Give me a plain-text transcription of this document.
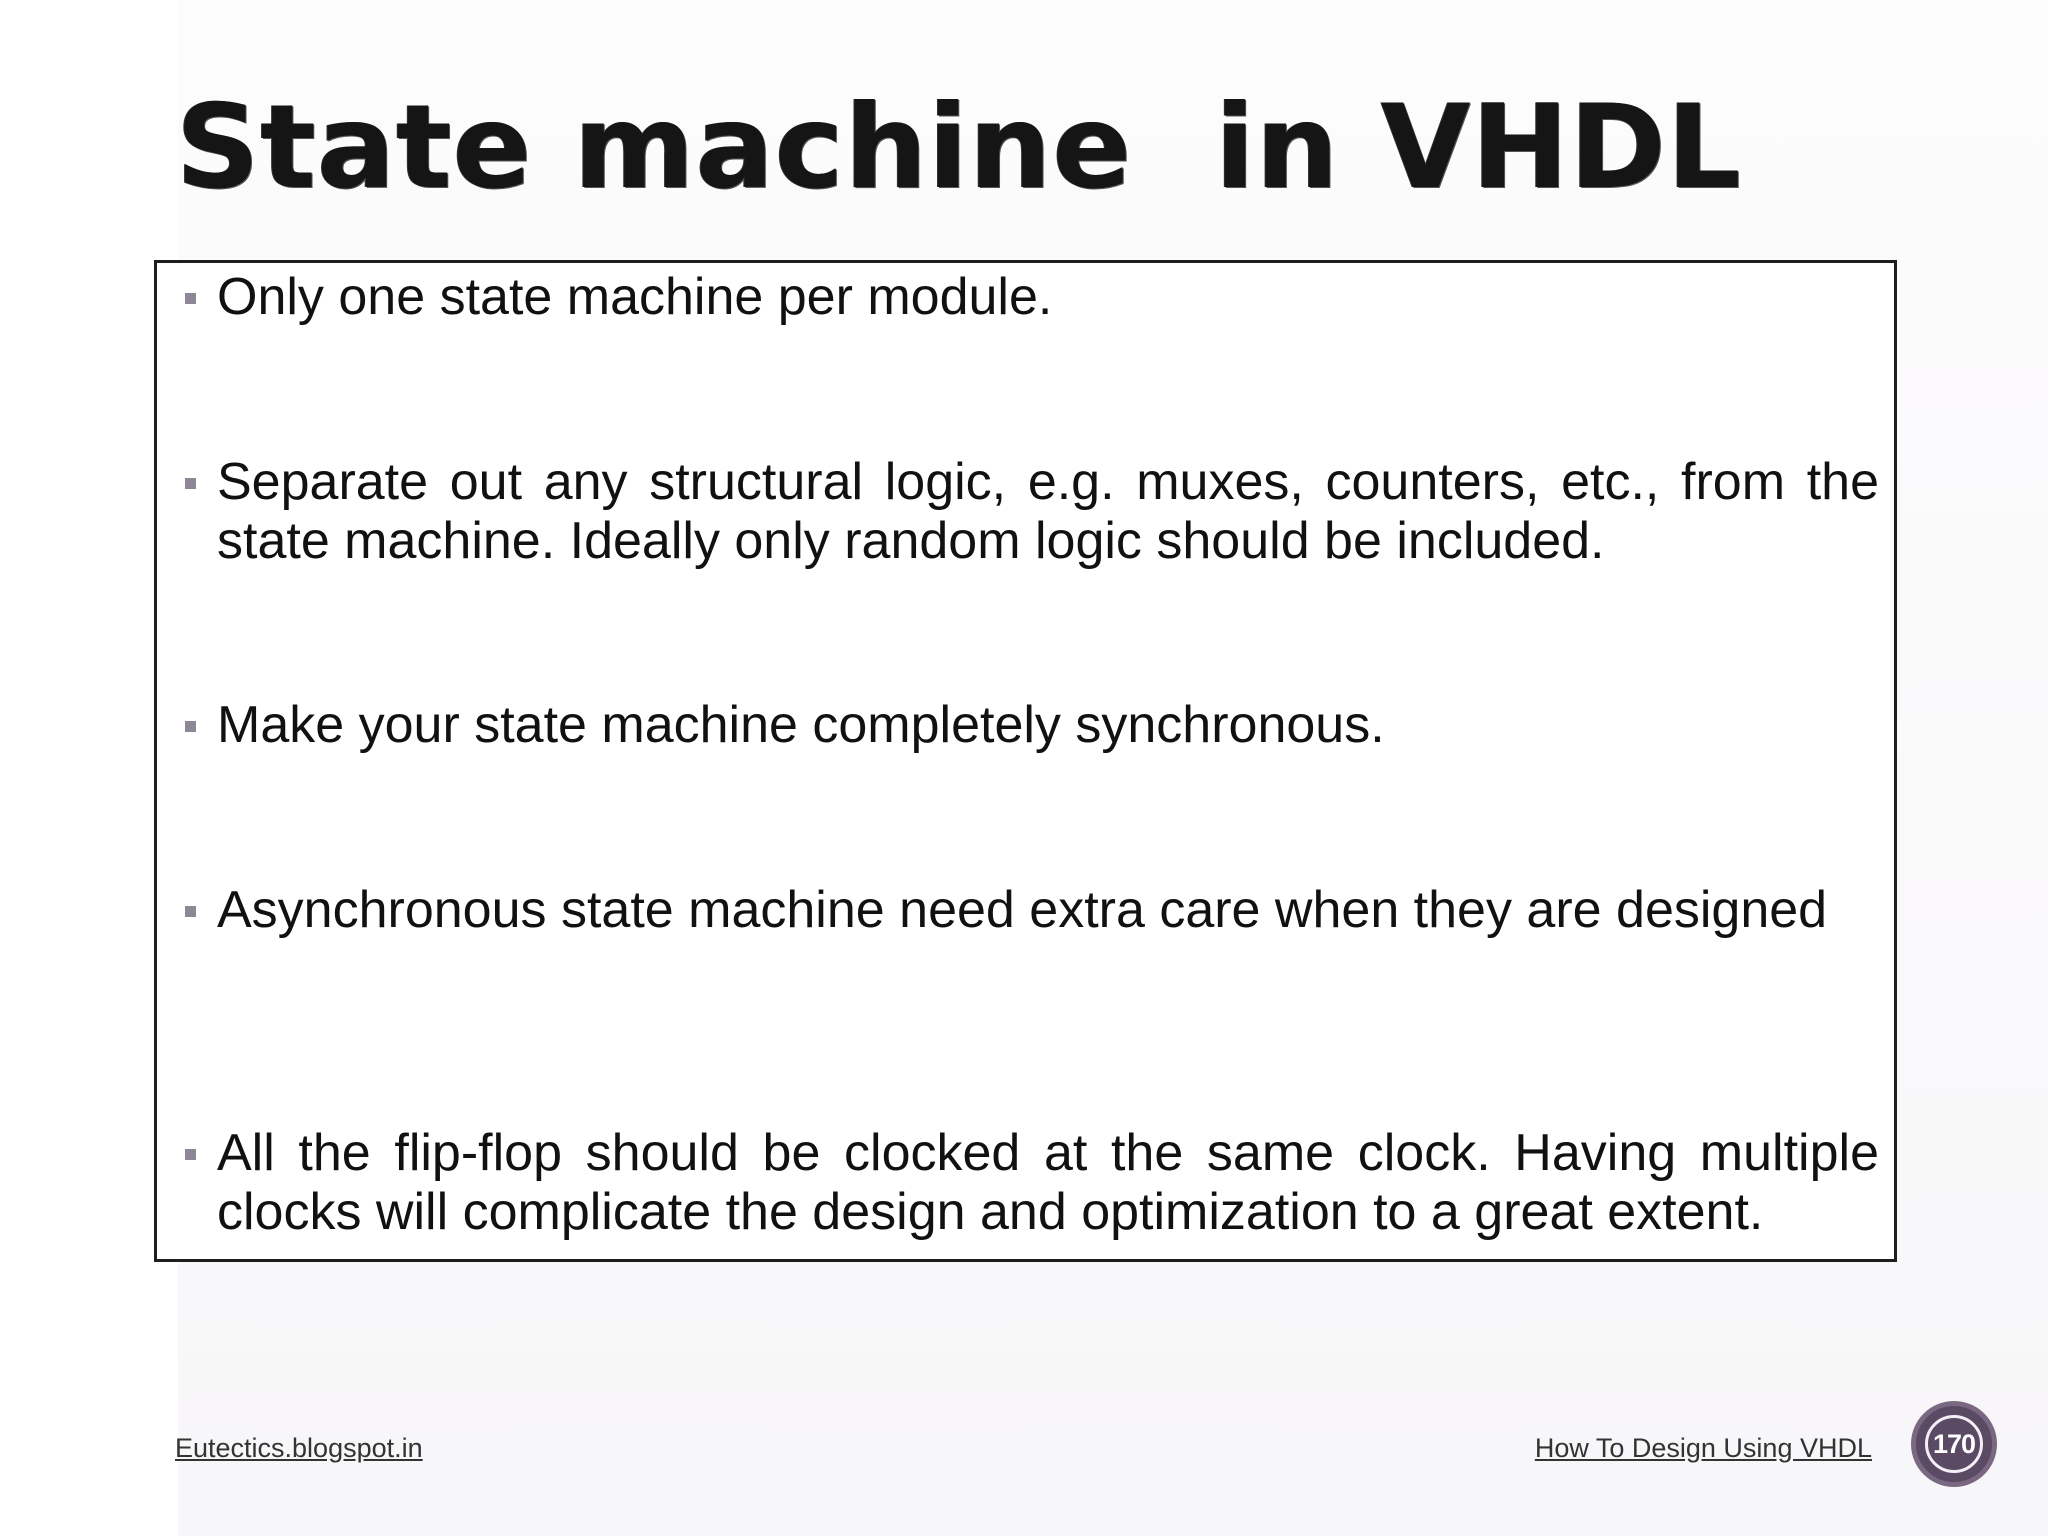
State machine  in VHDL
Only one state machine per module.
Separate out any structural logic, e.g. muxes, counters, etc., from the state machine. Ideally only random logic should be included.
Make your state machine completely synchronous.
Asynchronous state machine need extra care when they are designed
All the flip-flop should be clocked at the same clock. Having multiple clocks will complicate the design and optimization to a great extent.
Eutectics.blogspot.in	How To Design Using VHDL 170
